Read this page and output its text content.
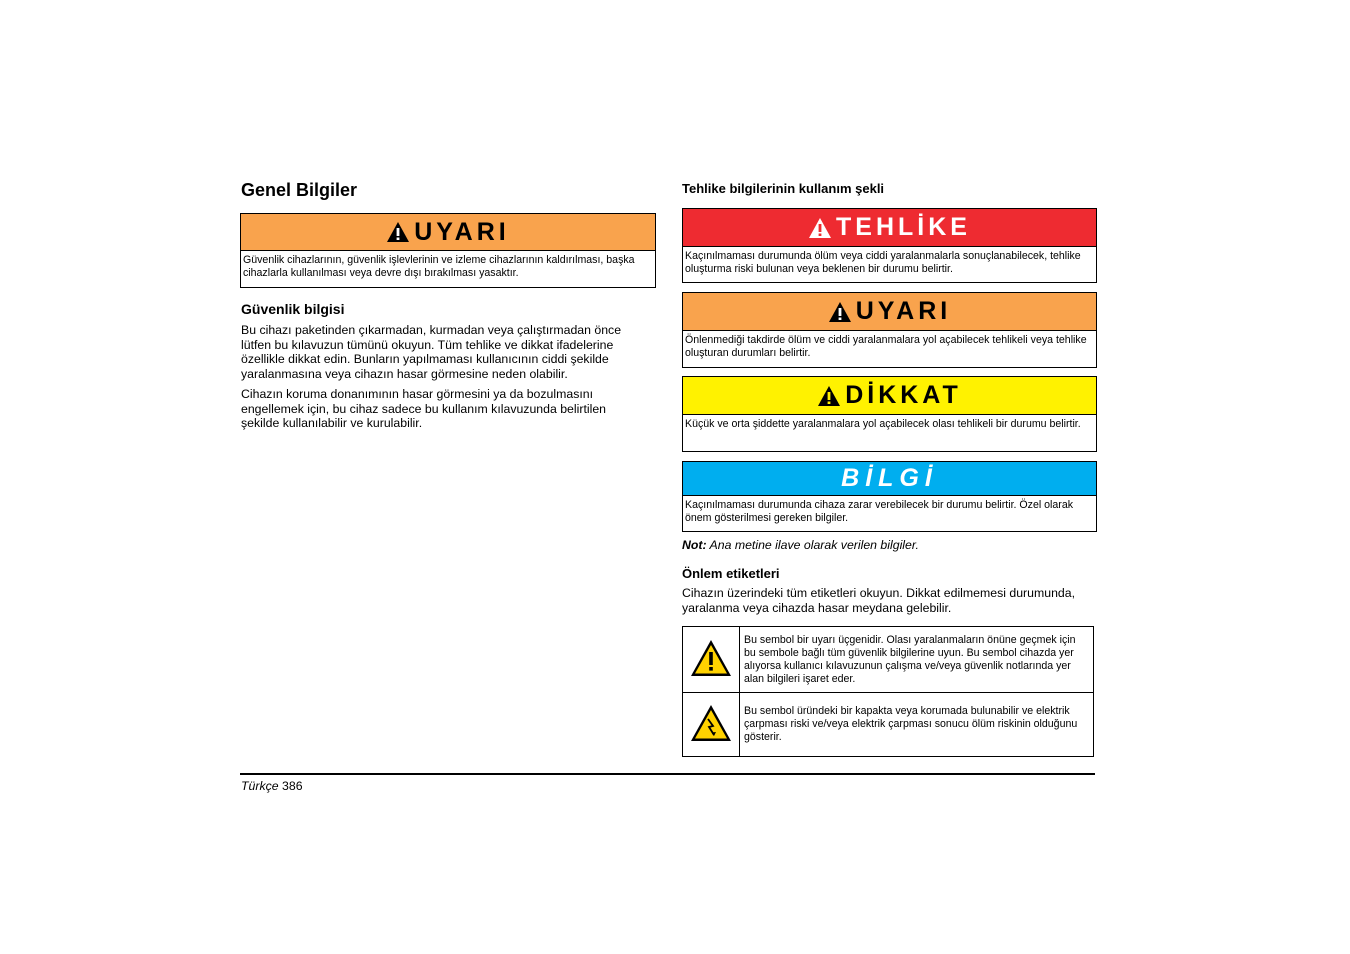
Genel Bilgiler
UYARI
Güvenlik cihazlarının, güvenlik işlevlerinin ve izleme cihazlarının kaldırılması, başka cihazlarla kullanılması veya devre dışı bırakılması yasaktır.
Güvenlik bilgisi

Bu cihazı paketinden çıkarmadan, kurmadan veya çalıştırmadan önce lütfen bu kılavuzun tümünü okuyun. Tüm tehlike ve dikkat ifadelerine özellikle dikkat edin. Bunların yapılmaması kullanıcının ciddi şekilde yaralanmasına veya cihazın hasar görmesine neden olabilir.

Cihazın koruma donanımının hasar görmesini ya da bozulmasını engellemek için, bu cihaz sadece bu kullanım kılavuzunda belirtilen şekilde kullanılabilir ve kurulabilir.

Tehlike bilgilerinin kullanım şekli
TEHLİKE
Kaçınılmaması durumunda ölüm veya ciddi yaralanmalarla sonuçlanabilecek, tehlike oluşturma riski bulunan veya beklenen bir durumu belirtir.
UYARI
Önlenmediği takdirde ölüm ve ciddi yaralanmalara yol açabilecek tehlikeli veya tehlike oluşturan durumları belirtir.
DİKKAT
Küçük ve orta şiddette yaralanmalara yol açabilecek olası tehlikeli bir durumu belirtir.
BİLGİ
Kaçınılmaması durumunda cihaza zarar verebilecek bir durumu belirtir. Özel olarak önem gösterilmesi gereken bilgiler.

Not: Ana metine ilave olarak verilen bilgiler.

Önlem etiketleri

Cihazın üzerindeki tüm etiketleri okuyun. Dikkat edilmemesi durumunda, yaralanma veya cihazda hasar meydana gelebilir.

	Bu sembol bir uyarı üçgenidir. Olası yaralanmaların önüne geçmek için bu sembole bağlı tüm güvenlik bilgilerine uyun. Bu sembol cihazda yer alıyorsa kullanıcı kılavuzunun çalışma ve/veya güvenlik notlarında yer alan bilgileri işaret eder.
	Bu sembol üründeki bir kapakta veya korumada bulunabilir ve elektrik çarpması riski ve/veya elektrik çarpması sonucu ölüm riskinin olduğunu gösterir.
Türkçe 386
